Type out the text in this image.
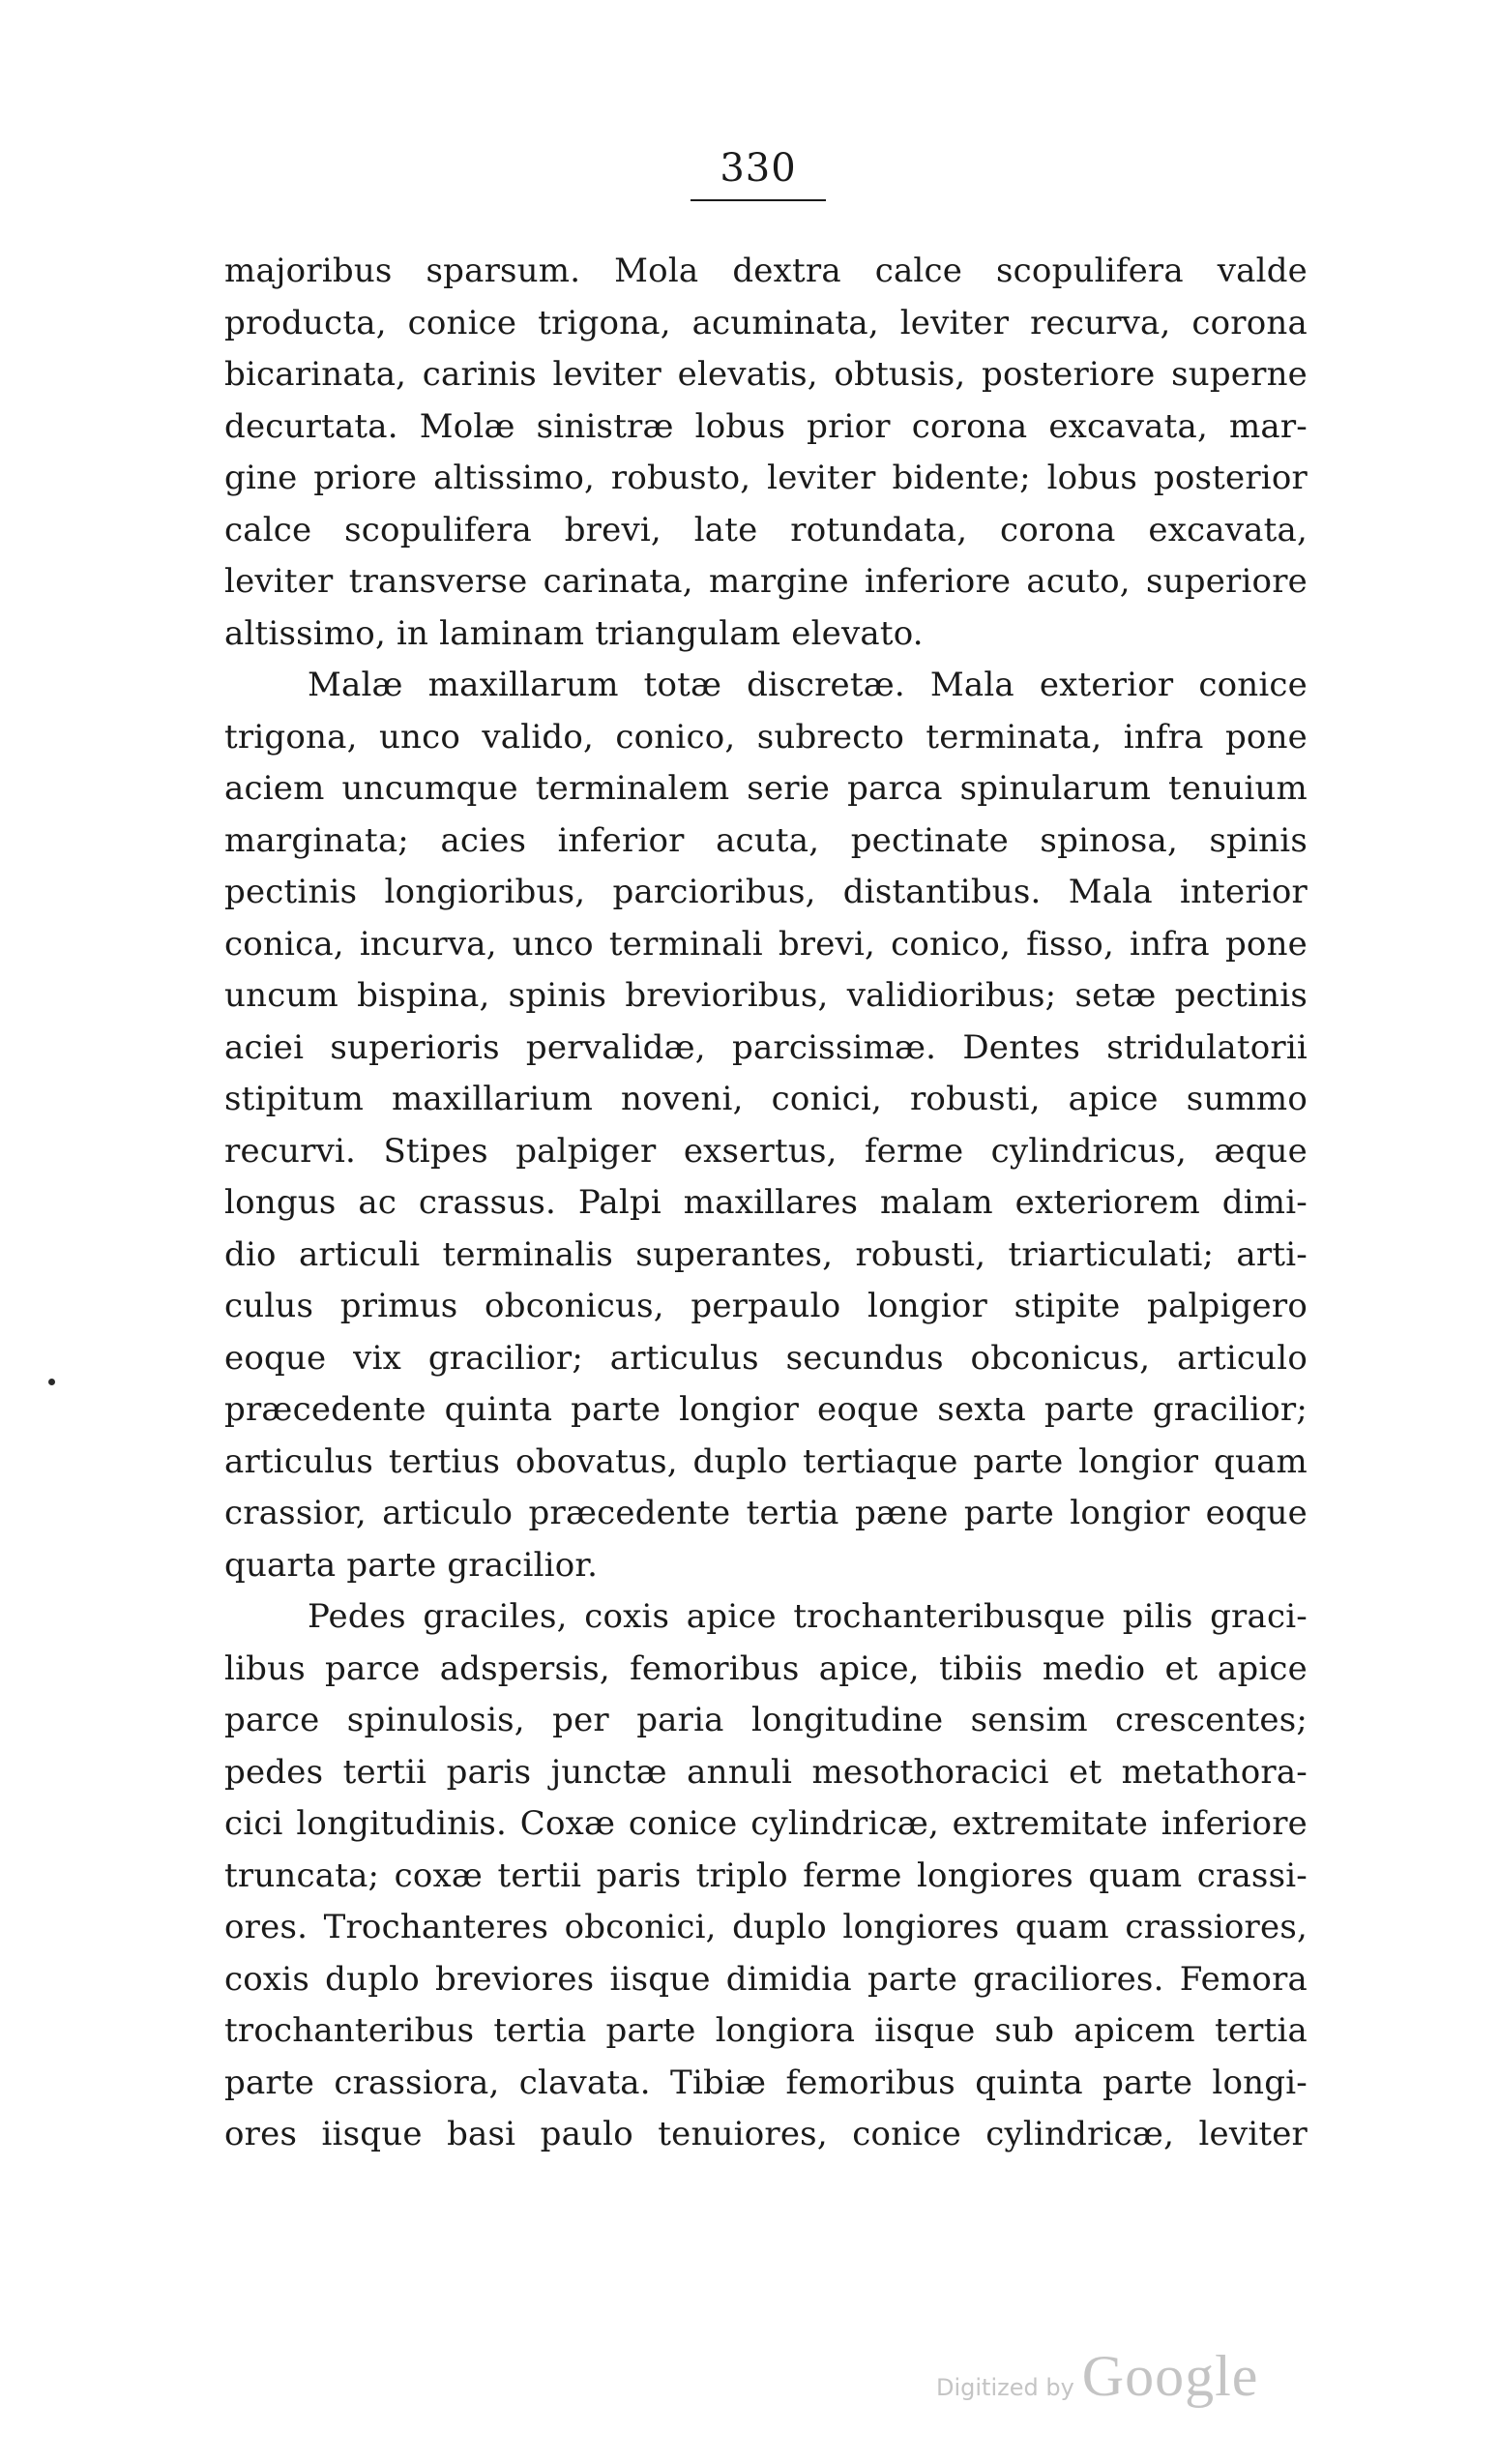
330
majoribus sparsum. Mola dextra calce scopulifera valde
producta, conice trigona, acuminata, leviter recurva, corona
bicarinata, carinis leviter elevatis, obtusis, posteriore superne
decurtata. Molæ sinistræ lobus prior corona excavata, mar-
gine priore altissimo, robusto, leviter bidente; lobus posterior
calce scopulifera brevi, late rotundata, corona excavata,
leviter transverse carinata, margine inferiore acuto, superiore
altissimo, in laminam triangulam elevato.
Malæ maxillarum totæ discretæ. Mala exterior conice
trigona, unco valido, conico, subrecto terminata, infra pone
aciem uncumque terminalem serie parca spinularum tenuium
marginata; acies inferior acuta, pectinate spinosa, spinis
pectinis longioribus, parcioribus, distantibus. Mala interior
conica, incurva, unco terminali brevi, conico, fisso, infra pone
uncum bispina, spinis brevioribus, validioribus; setæ pectinis
aciei superioris pervalidæ, parcissimæ. Dentes stridulatorii
stipitum maxillarium noveni, conici, robusti, apice summo
recurvi. Stipes palpiger exsertus, ferme cylindricus, æque
longus ac crassus. Palpi maxillares malam exteriorem dimi-
dio articuli terminalis superantes, robusti, triarticulati; arti-
culus primus obconicus, perpaulo longior stipite palpigero
eoque vix gracilior; articulus secundus obconicus, articulo
præcedente quinta parte longior eoque sexta parte gracilior;
articulus tertius obovatus, duplo tertiaque parte longior quam
crassior, articulo præcedente tertia pæne parte longior eoque
quarta parte gracilior.
Pedes graciles, coxis apice trochanteribusque pilis graci-
libus parce adspersis, femoribus apice, tibiis medio et apice
parce spinulosis, per paria longitudine sensim crescentes;
pedes tertii paris junctæ annuli mesothoracici et metathora-
cici longitudinis. Coxæ conice cylindricæ, extremitate inferiore
truncata; coxæ tertii paris triplo ferme longiores quam crassi-
ores. Trochanteres obconici, duplo longiores quam crassiores,
coxis duplo breviores iisque dimidia parte graciliores. Femora
trochanteribus tertia parte longiora iisque sub apicem tertia
parte crassiora, clavata. Tibiæ femoribus quinta parte longi-
ores iisque basi paulo tenuiores, conice cylindricæ, leviter
Digitized by Google
